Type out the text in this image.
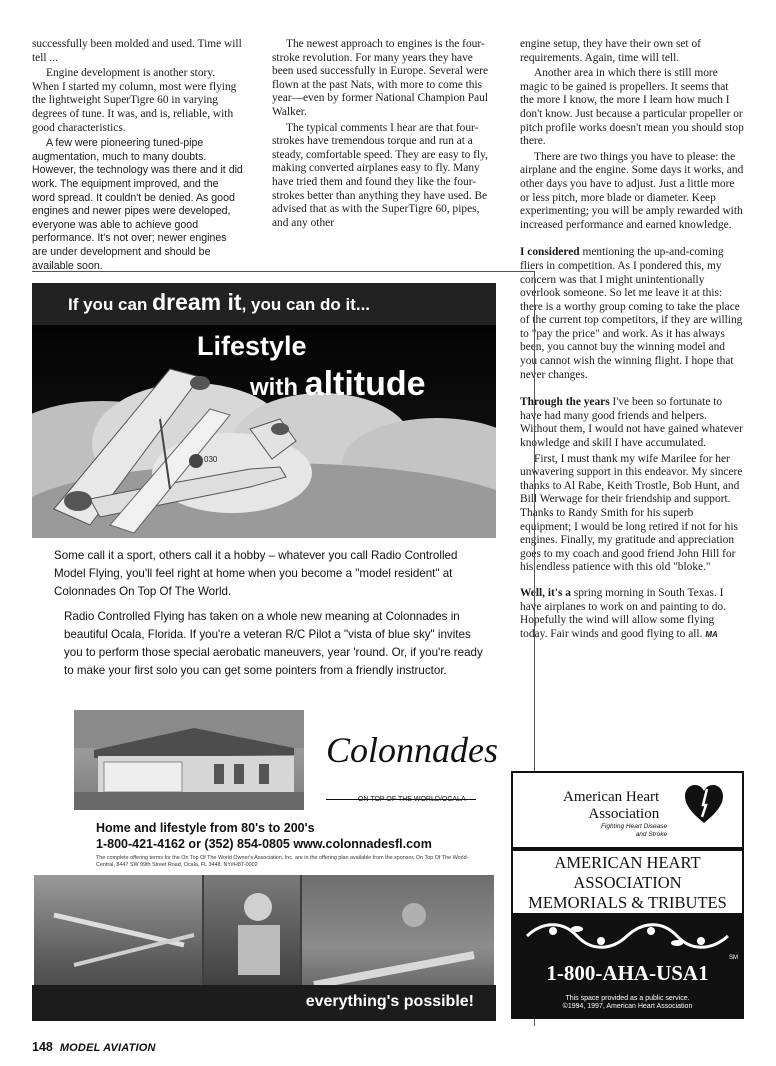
successfully been molded and used. Time will tell ...

Engine development is another story. When I started my column, most were flying the lightweight SuperTigre 60 in varying degrees of tune. It was, and is, reliable, with good characteristics.

A few were pioneering tuned-pipe augmentation, much to many doubts. However, the technology was there and it did work. The equipment improved, and the word spread. It couldn't be denied. As good engines and newer pipes were developed, everyone was able to achieve good performance. It's not over; newer engines are under development and should be available soon.

The newest approach to engines is the four-stroke revolution. For many years they have been used successfully in Europe. Several were flown at the past Nats, with more to come this year—even by former National Champion Paul Walker.

The typical comments I hear are that four-strokes have tremendous torque and run at a steady, comfortable speed. They are easy to fly, making converted airplanes easy to fly. Many have tried them and found they like the four-strokes better than anything they have used. Be advised that as with the SuperTigre 60, pipes, and any other

engine setup, they have their own set of requirements. Again, time will tell.

Another area in which there is still more magic to be gained is propellers. It seems that the more I know, the more I learn how much I don't know. Just because a particular propeller or pitch profile works doesn't mean you should stop there.

There are two things you have to please: the airplane and the engine. Some days it works, and other days you have to adjust. Just a little more or less pitch, more blade or diameter. Keep experimenting; you will be amply rewarded with increased performance and earned knowledge.

I considered mentioning the up-and-coming fliers in competition. As I pondered this, my concern was that I might unintentionally overlook someone. So let me leave it at this: there is a worthy group coming to take the place of the current top competitors, if they are willing to "pay the price" and work. As it has always been, you cannot buy the winning model and you cannot wish the winning flight. I hope that never changes.

Through the years I've been so fortunate to have had many good friends and helpers. Without them, I would not have gained whatever knowledge and skill I have accumulated.

First, I must thank my wife Marilee for her unwavering support in this endeavor. My sincere thanks to Al Rabe, Keith Trostle, Bob Hunt, and Bill Werwage for their friendship and support. Thanks to Randy Smith for his superb equipment; I would be long retired if not for his engines. Finally, my gratitude and appreciation goes to my coach and good friend John Hill for his endless patience with this old "bloke."

Well, it's a spring morning in South Texas. I have airplanes to work on and painting to do. Hopefully the wind will allow some flying today. Fair winds and good flying to all. MA

030
If you can dream it, you can do it...
Lifestyle
with altitude

Some call it a sport, others call it a hobby – whatever you call Radio Controlled Model Flying, you'll feel right at home when you become a "model resident" at Colonnades On Top Of The World.

Radio Controlled Flying has taken on a whole new meaning at Colonnades in beautiful Ocala, Florida. If you're a veteran R/C Pilot a "vista of blue sky" invites you to perform those special aerobatic maneuvers, year 'round. Or, if you're ready to make your first solo you can get some pointers from a friendly instructor.

Colonnades
ON TOP OF THE WORLD/OCALA
Home and lifestyle from 80's to 200's
1-800-421-4162 or (352) 854-0805 www.colonnadesfl.com
The complete offering terms for the On Top Of The World Owner's Association, Inc. are in the offering plan available from the sponsor, On Top Of The World-Central, 8447 SW 99th Street Road, Ocala, FL 3448. NY#H87-0002
everything's possible!
American Heart
Association
Fighting Heart Disease
and Stroke
AMERICAN HEART
ASSOCIATION
MEMORIALS & TRIBUTES
SM
1-800-AHA-USA1
This space provided as a public service.
©1994, 1997, American Heart Association
148 MODEL AVIATION
